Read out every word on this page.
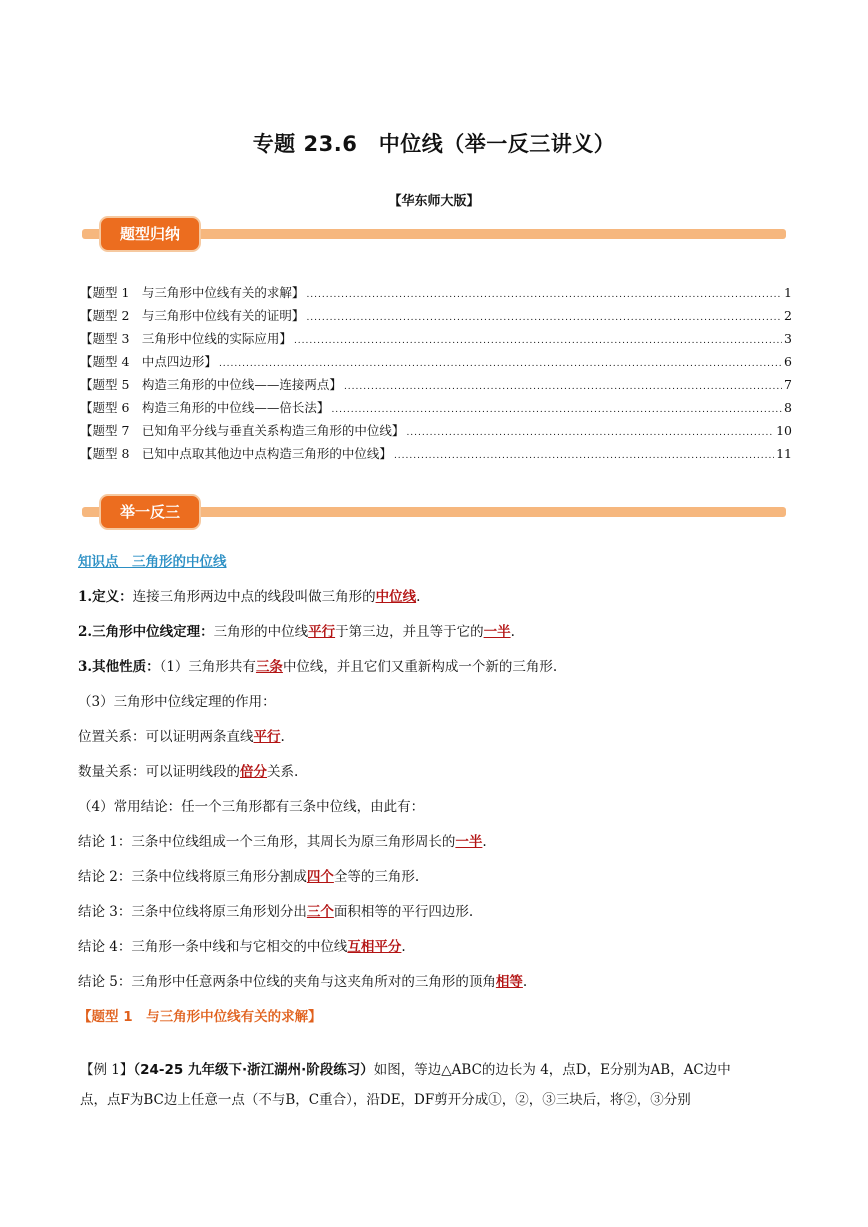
专题 23.6　中位线（举一反三讲义）
【华东师大版】
题型归纳
【题型 1　与三角形中位线有关的求解】 .....	1
【题型 2　与三角形中位线有关的证明】 .....	2
【题型 3　三角形中位线的实际应用】 .....	3
【题型 4　中点四边形】 .....	6
【题型 5　构造三角形的中位线——连接两点】 .....	7
【题型 6　构造三角形的中位线——倍长法】 .....	8
【题型 7　已知角平分线与垂直关系构造三角形的中位线】 .....	10
【题型 8　已知中点取其他边中点构造三角形的中位线】 .....	11
举一反三

知识点　三角形的中位线

1.定义：连接三角形两边中点的线段叫做三角形的中位线.

2.三角形中位线定理：三角形的中位线平行于第三边，并且等于它的一半.

3.其他性质：（1）三角形共有三条中位线，并且它们又重新构成一个新的三角形.

（3）三角形中位线定理的作用：

位置关系：可以证明两条直线平行.

数量关系：可以证明线段的倍分关系.

（4）常用结论：任一个三角形都有三条中位线，由此有：

结论 1：三条中位线组成一个三角形，其周长为原三角形周长的一半.

结论 2：三条中位线将原三角形分割成四个全等的三角形.

结论 3：三条中位线将原三角形划分出三个面积相等的平行四边形.

结论 4：三角形一条中线和与它相交的中位线互相平分.

结论 5：三角形中任意两条中位线的夹角与这夹角所对的三角形的顶角相等.

【题型 1　与三角形中位线有关的求解】

【例 1】（24-25 九年级下·浙江湖州·阶段练习）如图，等边△ABC的边长为 4，点D，E分别为AB，AC边中
点，点F为BC边上任意一点（不与B，C重合），沿DE，DF剪开分成①，②，③三块后，将②，③分别
